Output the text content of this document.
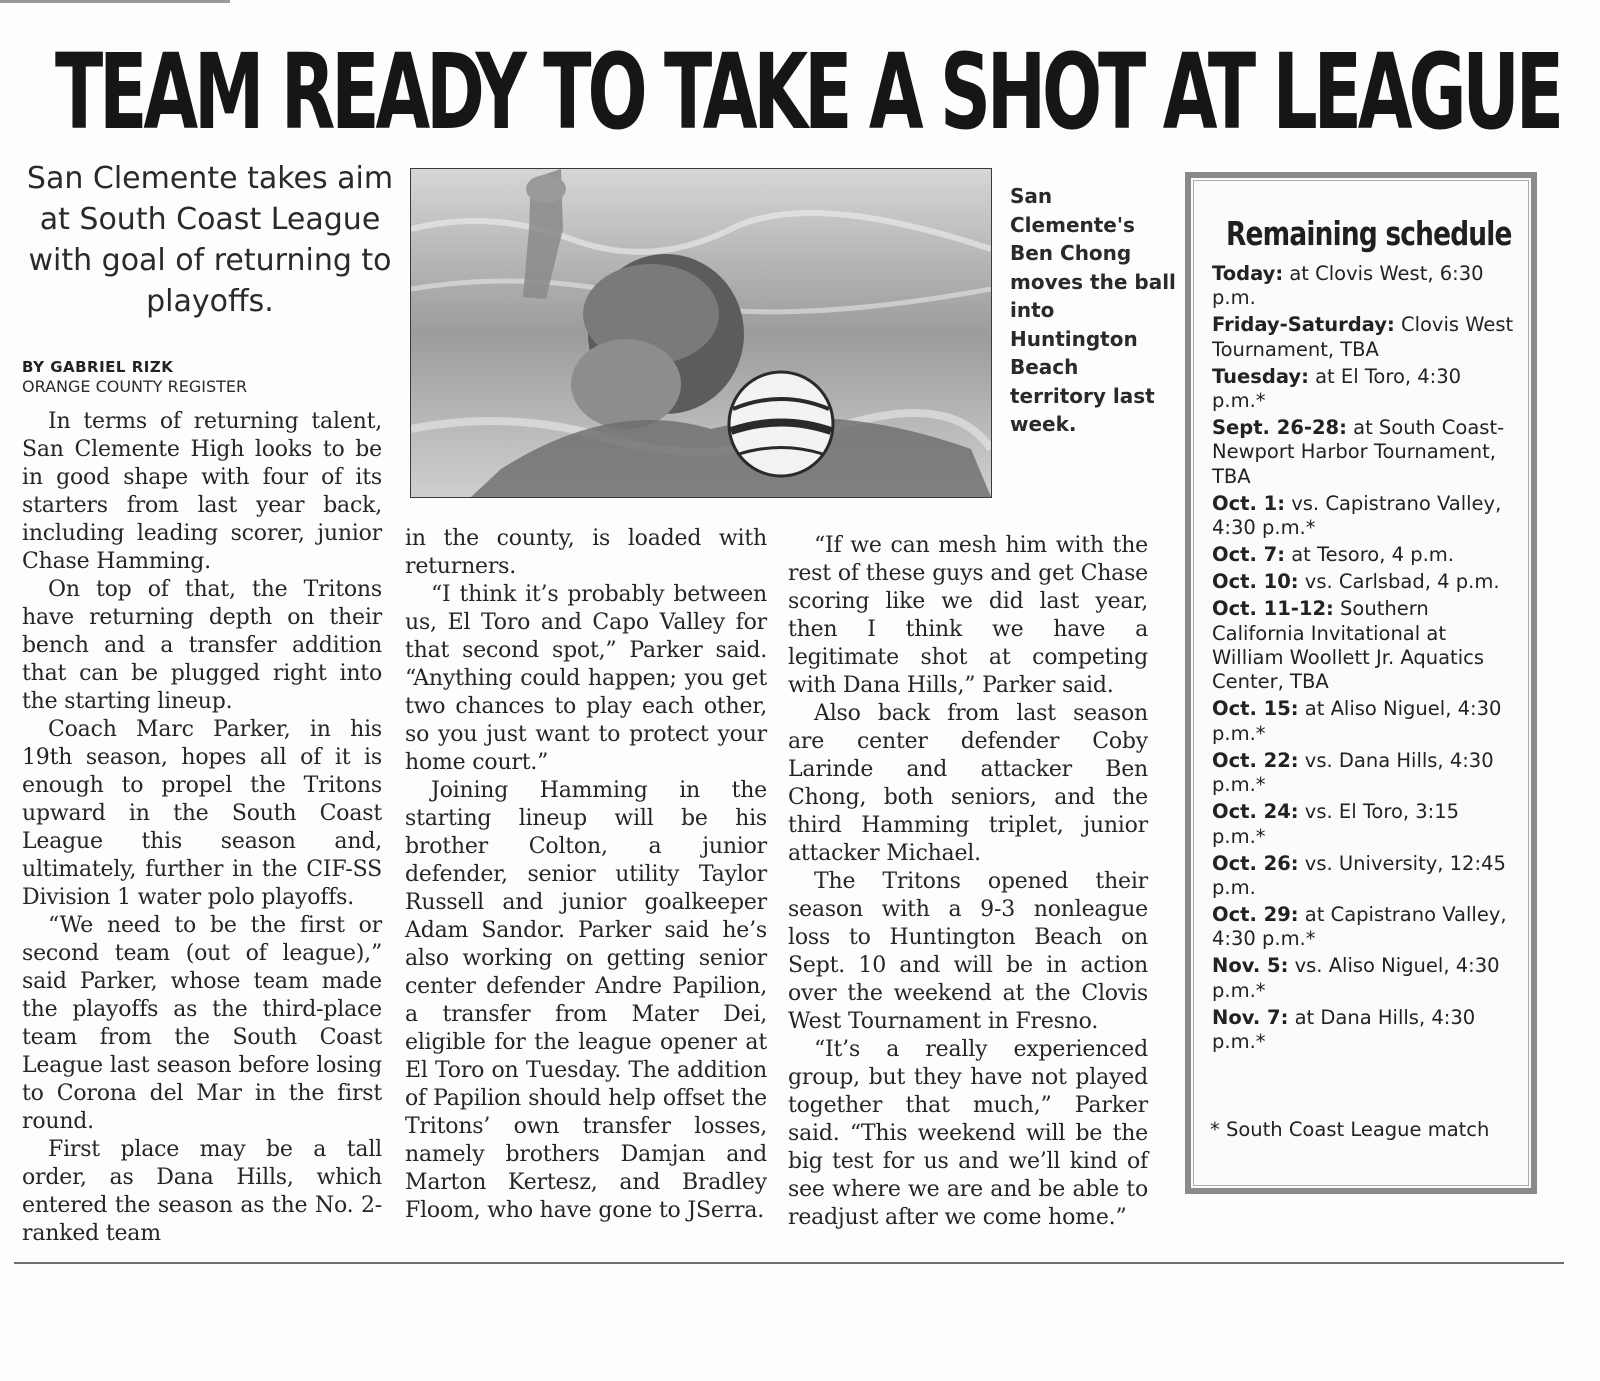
TEAM READY TO TAKE A SHOT AT LEAGUE

San Clemente takes aim at South Coast League with goal of returning to playoffs.

BY GABRIEL RIZK
ORANGE COUNTY REGISTER

San Clemente's Ben Chong moves the ball into Huntington Beach territory last week.

In terms of returning talent, San Clemente High looks to be in good shape with four of its starters from last year back, including leading scorer, junior Chase Hamming.

On top of that, the Tritons have returning depth on their bench and a transfer addition that can be plugged right into the starting lineup.

Coach Marc Parker, in his 19th season, hopes all of it is enough to propel the Tritons upward in the South Coast League this season and, ultimately, further in the CIF-SS Division 1 water polo playoffs.

“We need to be the first or second team (out of league),” said Parker, whose team made the playoffs as the third-place team from the South Coast League last season before losing to Corona del Mar in the first round.

First place may be a tall order, as Dana Hills, which entered the season as the No. 2-ranked team

in the county, is loaded with returners.

“I think it’s probably between us, El Toro and Capo Valley for that second spot,” Parker said. “Anything could happen; you get two chances to play each other, so you just want to protect your home court.”

Joining Hamming in the starting lineup will be his brother Colton, a junior defender, senior utility Taylor Russell and junior goalkeeper Adam Sandor. Parker said he’s also working on getting senior center defender Andre Papilion, a transfer from Mater Dei, eligible for the league opener at El Toro on Tuesday. The addition of Papilion should help offset the Tritons’ own transfer losses, namely brothers Damjan and Marton Kertesz, and Bradley Floom, who have gone to JSerra.

“If we can mesh him with the rest of these guys and get Chase scoring like we did last year, then I think we have a legitimate shot at competing with Dana Hills,” Parker said.

Also back from last season are center defender Coby Larinde and attacker Ben Chong, both seniors, and the third Hamming triplet, junior attacker Michael.

The Tritons opened their season with a 9-3 nonleague loss to Huntington Beach on Sept. 10 and will be in action over the weekend at the Clovis West Tournament in Fresno.

“It’s a really experienced group, but they have not played together that much,” Parker said. “This weekend will be the big test for us and we’ll kind of see where we are and be able to readjust after we come home.”

Remaining schedule
Today: at Clovis West, 6:30 p.m.
Friday-Saturday: Clovis West Tournament, TBA
Tuesday: at El Toro, 4:30 p.m.*
Sept. 26-28: at South Coast-Newport Harbor Tournament, TBA
Oct. 1: vs. Capistrano Valley, 4:30 p.m.*
Oct. 7: at Tesoro, 4 p.m.
Oct. 10: vs. Carlsbad, 4 p.m.
Oct. 11-12: Southern California Invitational at William Woollett Jr. Aquatics Center, TBA
Oct. 15: at Aliso Niguel, 4:30 p.m.*
Oct. 22: vs. Dana Hills, 4:30 p.m.*
Oct. 24: vs. El Toro, 3:15 p.m.*
Oct. 26: vs. University, 12:45 p.m.
Oct. 29: at Capistrano Valley, 4:30 p.m.*
Nov. 5: vs. Aliso Niguel, 4:30 p.m.*
Nov. 7: at Dana Hills, 4:30 p.m.*

* South Coast League match
